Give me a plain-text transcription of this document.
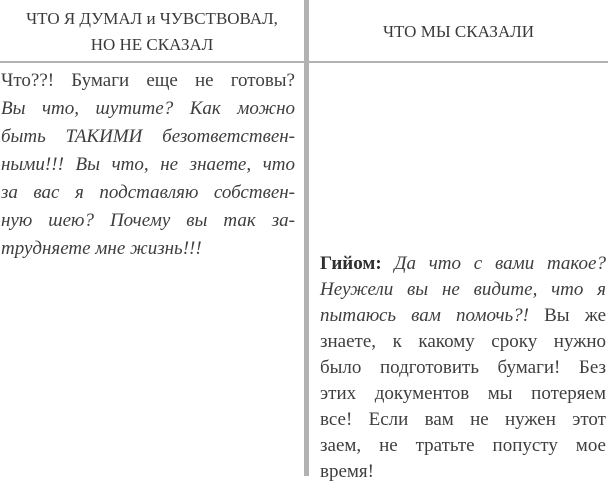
ЧТО Я ДУМАЛ и ЧУВСТВОВАЛ,
НО НЕ СКАЗАЛ
Что??! Бумаги еще не готовы?
Вы что, шутите? Как можно
быть ТАКИМИ безответствен-
ными!!! Вы что, не знаете, что
за вас я подставляю собствен-
ную шею? Почему вы так за-
трудняете мне жизнь!!!
ЧТО МЫ СКАЗАЛИ
Гийом: Да что с вами такое?
Неужели вы не видите, что я
пытаюсь вам помочь?! Вы же
знаете, к какому сроку нужно
было подготовить бумаги! Без
этих документов мы потеряем
все! Если вам не нужен этот
заем, не тратьте попусту мое
время!
